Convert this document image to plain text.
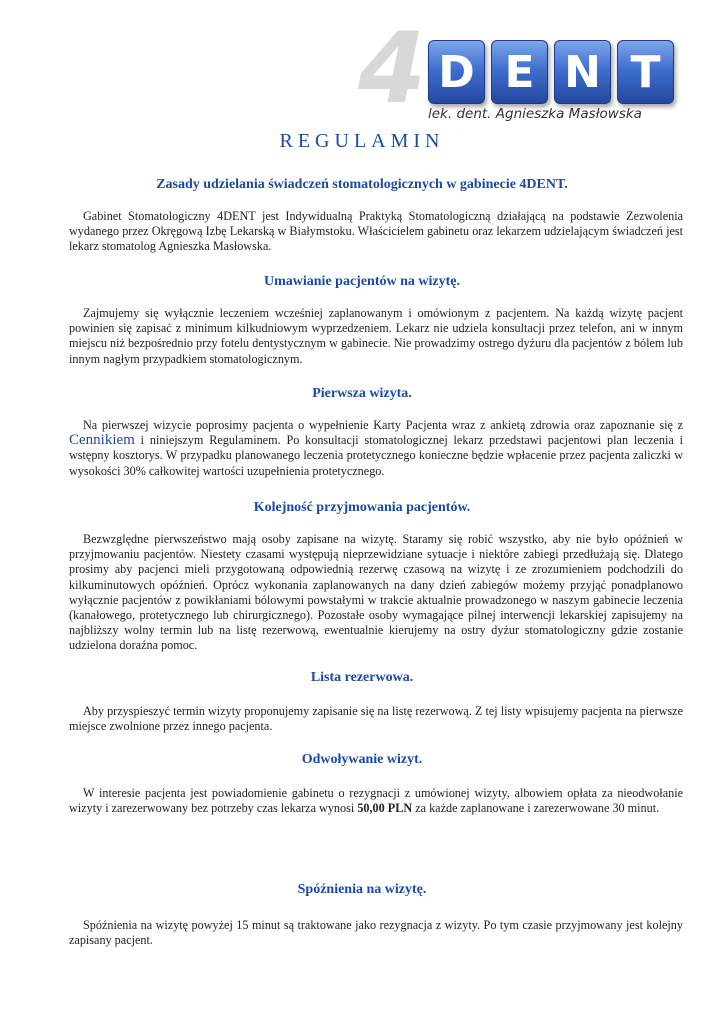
4 D E N T
lek. dent. Agnieszka Masłowska
REGULAMIN
Zasady udzielania świadczeń stomatologicznych w gabinecie 4DENT.

Gabinet Stomatologiczny 4DENT jest Indywidualną Praktyką Stomatologiczną działającą na podstawie Zezwolenia wydanego przez Okręgową Izbę Lekarską w Białymstoku. Właścicielem gabinetu oraz lekarzem udzielającym świadczeń jest lekarz stomatolog Agnieszka Masłowska.

Umawianie pacjentów na wizytę.

Zajmujemy się wyłącznie leczeniem wcześniej zaplanowanym i omówionym z pacjentem. Na każdą wizytę pacjent powinien się zapisać z minimum kilkudniowym wyprzedzeniem. Lekarz nie udziela konsultacji przez telefon, ani w innym miejscu niż bezpośrednio przy fotelu dentystycznym w gabinecie. Nie prowadzimy ostrego dyżuru dla pacjentów z bólem lub innym nagłym przypadkiem stomatologicznym.

Pierwsza wizyta.

Na pierwszej wizycie poprosimy pacjenta o wypełnienie Karty Pacjenta wraz z ankietą zdrowia oraz zapoznanie się z Cennikiem i niniejszym Regulaminem. Po konsultacji stomatologicznej lekarz przedstawi pacjentowi plan leczenia i wstępny kosztorys. W przypadku planowanego leczenia protetycznego konieczne będzie wpłacenie przez pacjenta zaliczki w wysokości 30% całkowitej wartości uzupełnienia protetycznego.

Kolejność przyjmowania pacjentów.

Bezwzględne pierwszeństwo mają osoby zapisane na wizytę. Staramy się robić wszystko, aby nie było opóźnień w przyjmowaniu pacjentów. Niestety czasami występują nieprzewidziane sytuacje i niektóre zabiegi przedłużają się. Dlatego prosimy aby pacjenci mieli przygotowaną odpowiednią rezerwę czasową na wizytę i ze zrozumieniem podchodzili do kilkuminutowych opóźnień. Oprócz wykonania zaplanowanych na dany dzień zabiegów możemy przyjąć ponadplanowo wyłącznie pacjentów z powikłaniami bólowymi powstałymi w trakcie aktualnie prowadzonego w naszym gabinecie leczenia (kanałowego, protetycznego lub chirurgicznego). Pozostałe osoby wymagające pilnej interwencji lekarskiej zapisujemy na najbliższy wolny termin lub na listę rezerwową, ewentualnie kierujemy na ostry dyżur stomatologiczny gdzie zostanie udzielona doraźna pomoc.

Lista rezerwowa.

Aby przyspieszyć termin wizyty proponujemy zapisanie się na listę rezerwową. Z tej listy wpisujemy pacjenta na pierwsze miejsce zwolnione przez innego pacjenta.

Odwoływanie wizyt.

W interesie pacjenta jest powiadomienie gabinetu o rezygnacji z umówionej wizyty, albowiem opłata za nieodwołanie wizyty i zarezerwowany bez potrzeby czas lekarza wynosi 50,00 PLN za każde zaplanowane i zarezerwowane 30 minut.

Spóźnienia na wizytę.

Spóźnienia na wizytę powyżej 15 minut są traktowane jako rezygnacja z wizyty. Po tym czasie przyjmowany jest kolejny zapisany pacjent.
